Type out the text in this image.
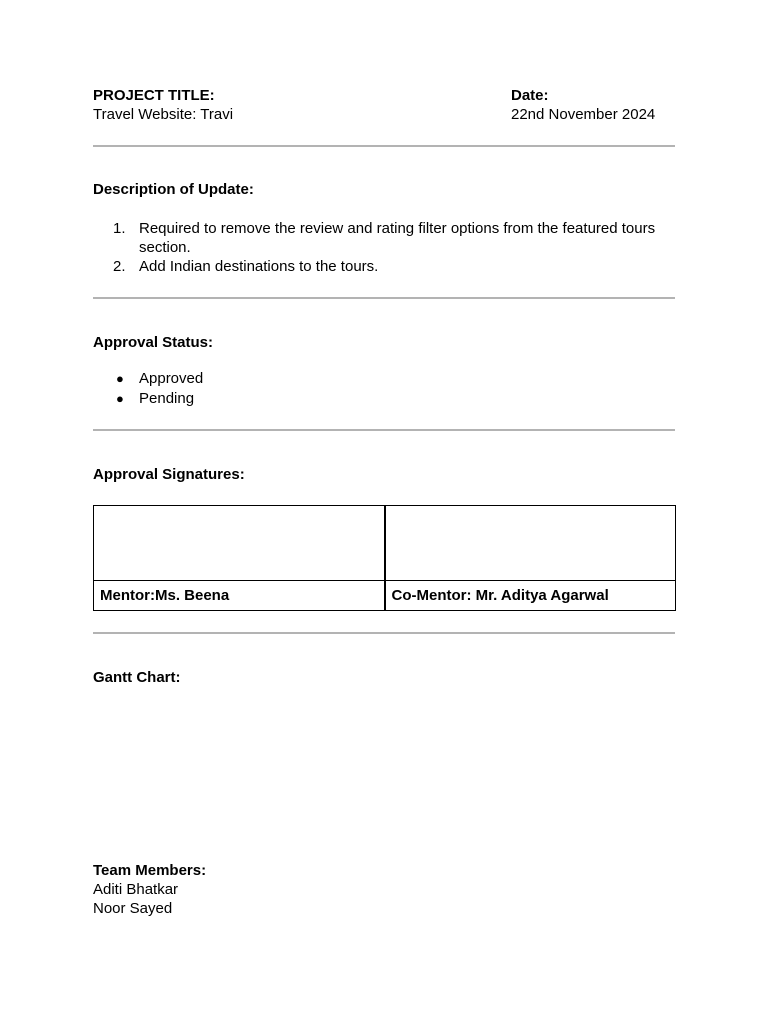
PROJECT TITLE:
Travel Website: Travi
Date:
22nd November 2024
Description of Update:
1. Required to remove the review and rating filter options from the featured tours
section.
2. Add Indian destinations to the tours.
Approval Status:
● Approved
● Pending
Approval Signatures:

Mentor:Ms. Beena	Co-Mentor: Mr. Aditya Agarwal
Gantt Chart:
Team Members:
Aditi Bhatkar
Noor Sayed
